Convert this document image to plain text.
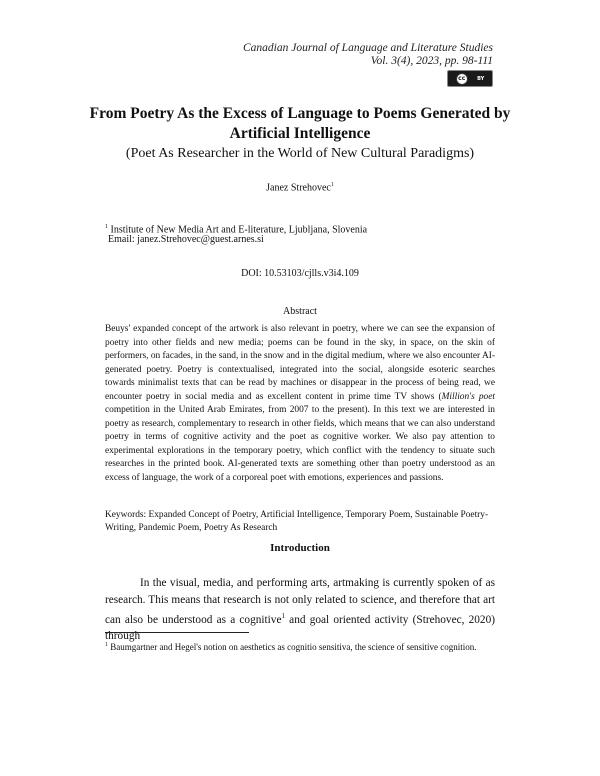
Canadian Journal of Language and Literature Studies
Vol. 3(4), 2023, pp. 98-111
cc	BY
From Poetry As the Excess of Language to Poems Generated by Artificial Intelligence
(Poet As Researcher in the World of New Cultural Paradigms)
Janez Strehovec$^1$
$^1$ Institute of New Media Art and E-literature, Ljubljana, Slovenia
Email: janez.Strehovec@guest.arnes.si
DOI: 10.53103/cjlls.v3i4.109
Abstract
Beuys' expanded concept of the artwork is also relevant in poetry, where we can see the expansion of poetry into other fields and new media; poems can be found in the sky, in space, on the skin of performers, on facades, in the sand, in the snow and in the digital medium, where we also encounter AI-generated poetry. Poetry is contextualised, integrated into the social, alongside esoteric searches towards minimalist texts that can be read by machines or disappear in the process of being read, we encounter poetry in social media and as excellent content in prime time TV shows (Million's poet competition in the United Arab Emirates, from 2007 to the present). In this text we are interested in poetry as research, complementary to research in other fields, which means that we can also understand poetry in terms of cognitive activity and the poet as cognitive worker. We also pay attention to experimental explorations in the temporary poetry, which conflict with the tendency to situate such researches in the printed book. AI-generated texts are something other than poetry understood as an excess of language, the work of a corporeal poet with emotions, experiences and passions.
Keywords: Expanded Concept of Poetry, Artificial Intelligence, Temporary Poem, Sustainable Poetry-Writing, Pandemic Poem, Poetry As Research
Introduction
In the visual, media, and performing arts, artmaking is currently spoken of as research. This means that research is not only related to science, and therefore that art can also be understood as a cognitive$^1$ and goal oriented activity (Strehovec, 2020) through
$^1$ Baumgartner and Hegel's notion on aesthetics as cognitio sensitiva, the science of sensitive cognition.
